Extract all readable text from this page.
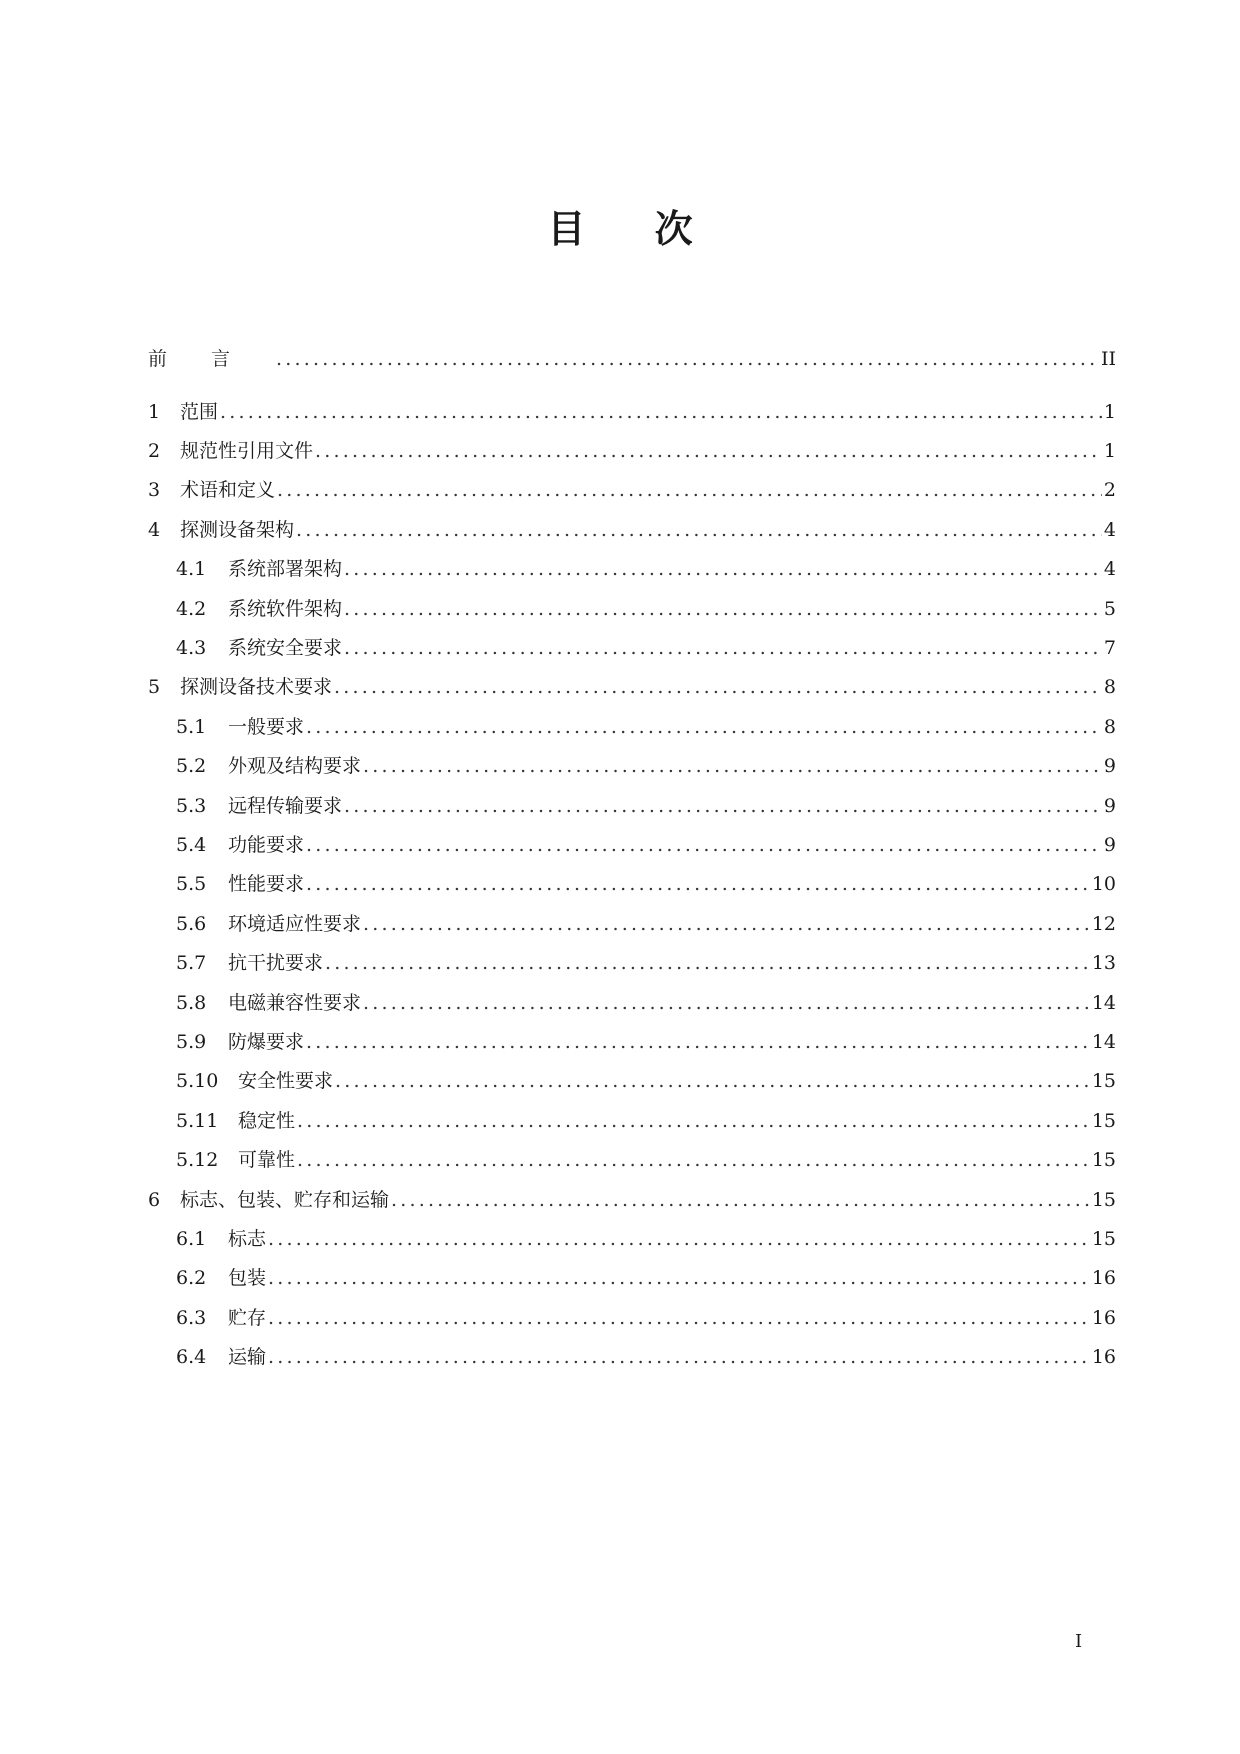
目 次
前言 .....	II
1	范围 .....	1
2	规范性引用文件 .....	1
3	术语和定义 .....	2
4	探测设备架构 .....	4
4.1	系统部署架构 .....	4
4.2	系统软件架构 .....	5
4.3	系统安全要求 .....	7
5	探测设备技术要求 .....	8
5.1	一般要求 .....	8
5.2	外观及结构要求 .....	9
5.3	远程传输要求 .....	9
5.4	功能要求 .....	9
5.5	性能要求 .....	10
5.6	环境适应性要求 .....	12
5.7	抗干扰要求 .....	13
5.8	电磁兼容性要求 .....	14
5.9	防爆要求 .....	14
5.10	安全性要求 .....	15
5.11	稳定性 .....	15
5.12	可靠性 .....	15
6	标志、包装、贮存和运输 .....	15
6.1	标志 .....	15
6.2	包装 .....	16
6.3	贮存 .....	16
6.4	运输 .....	16
I
